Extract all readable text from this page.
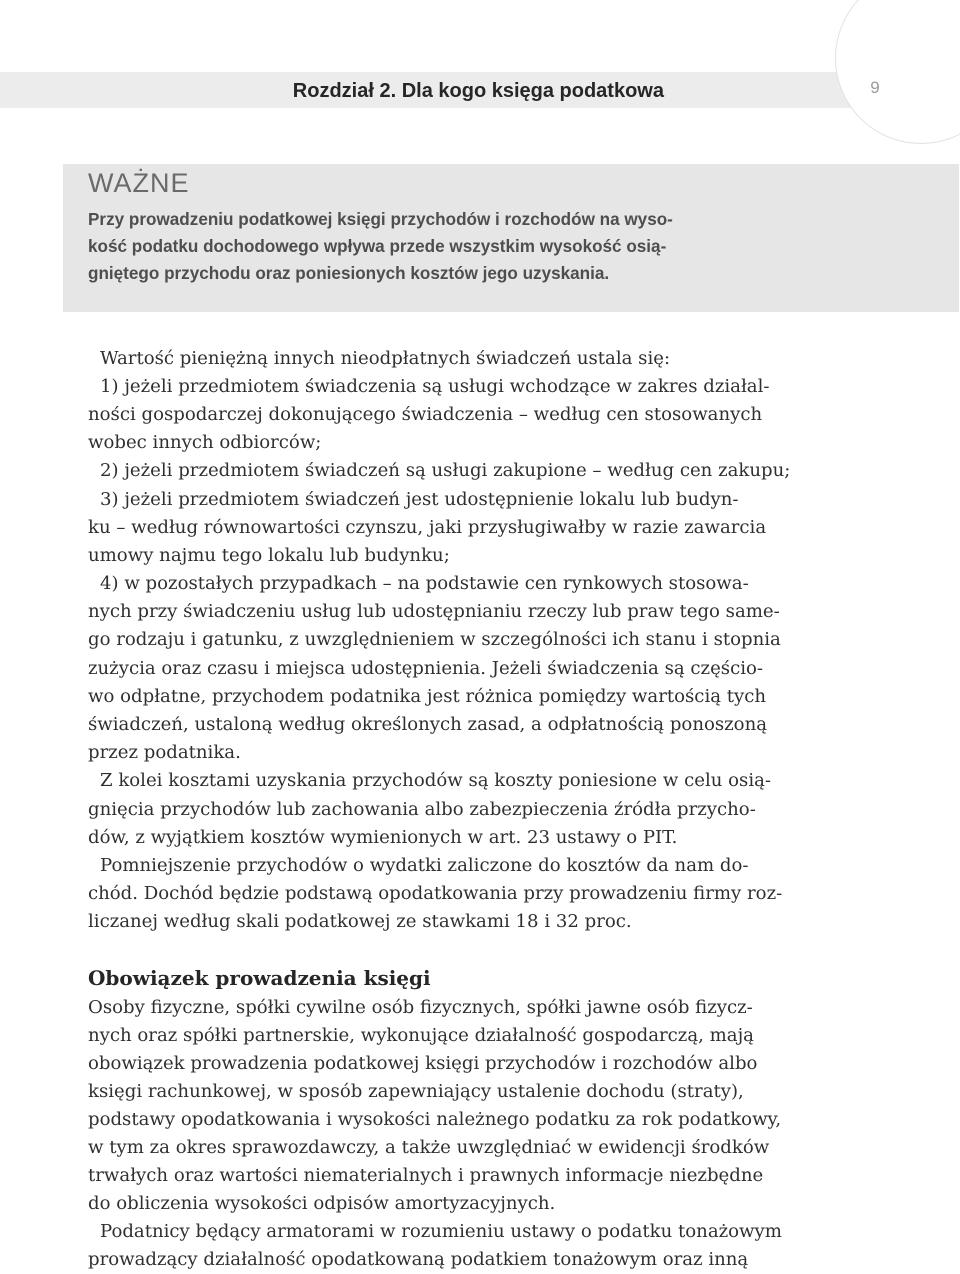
Rozdział 2. Dla kogo księga podatkowa	9
WAŻNE
Przy prowadzeniu podatkowej księgi przychodów i rozchodów na wyso-
kość podatku dochodowego wpływa przede wszystkim wysokość osią-
gniętego przychodu oraz poniesionych kosztów jego uzyskania.
Wartość pieniężną innych nieodpłatnych świadczeń ustala się:
1) jeżeli przedmiotem świadczenia są usługi wchodzące w zakres działal-
ności gospodarczej dokonującego świadczenia – według cen stosowanych
wobec innych odbiorców;
2) jeżeli przedmiotem świadczeń są usługi zakupione – według cen zakupu;
3) jeżeli przedmiotem świadczeń jest udostępnienie lokalu lub budyn-
ku – według równowartości czynszu, jaki przysługiwałby w razie zawarcia
umowy najmu tego lokalu lub budynku;
4) w pozostałych przypadkach – na podstawie cen rynkowych stosowa-
nych przy świadczeniu usług lub udostępnianiu rzeczy lub praw tego same-
go rodzaju i gatunku, z uwzględnieniem w szczególności ich stanu i stopnia
zużycia oraz czasu i miejsca udostępnienia. Jeżeli świadczenia są częścio-
wo odpłatne, przychodem podatnika jest różnica pomiędzy wartością tych
świadczeń, ustaloną według określonych zasad, a odpłatnością ponoszoną
przez podatnika.
Z kolei kosztami uzyskania przychodów są koszty poniesione w celu osią-
gnięcia przychodów lub zachowania albo zabezpieczenia źródła przycho-
dów, z wyjątkiem kosztów wymienionych w art. 23 ustawy o PIT.
Pomniejszenie przychodów o wydatki zaliczone do kosztów da nam do-
chód. Dochód będzie podstawą opodatkowania przy prowadzeniu firmy roz-
liczanej według skali podatkowej ze stawkami 18 i 32 proc.
Obowiązek prowadzenia księgi
Osoby fizyczne, spółki cywilne osób fizycznych, spółki jawne osób fizycz-
nych oraz spółki partnerskie, wykonujące działalność gospodarczą, mają
obowiązek prowadzenia podatkowej księgi przychodów i rozchodów albo
księgi rachunkowej, w sposób zapewniający ustalenie dochodu (straty),
podstawy opodatkowania i wysokości należnego podatku za rok podatkowy,
w tym za okres sprawozdawczy, a także uwzględniać w ewidencji środków
trwałych oraz wartości niematerialnych i prawnych informacje niezbędne
do obliczenia wysokości odpisów amortyzacyjnych.
Podatnicy będący armatorami w rozumieniu ustawy o podatku tonażowym
prowadzący działalność opodatkowaną podatkiem tonażowym oraz inną
